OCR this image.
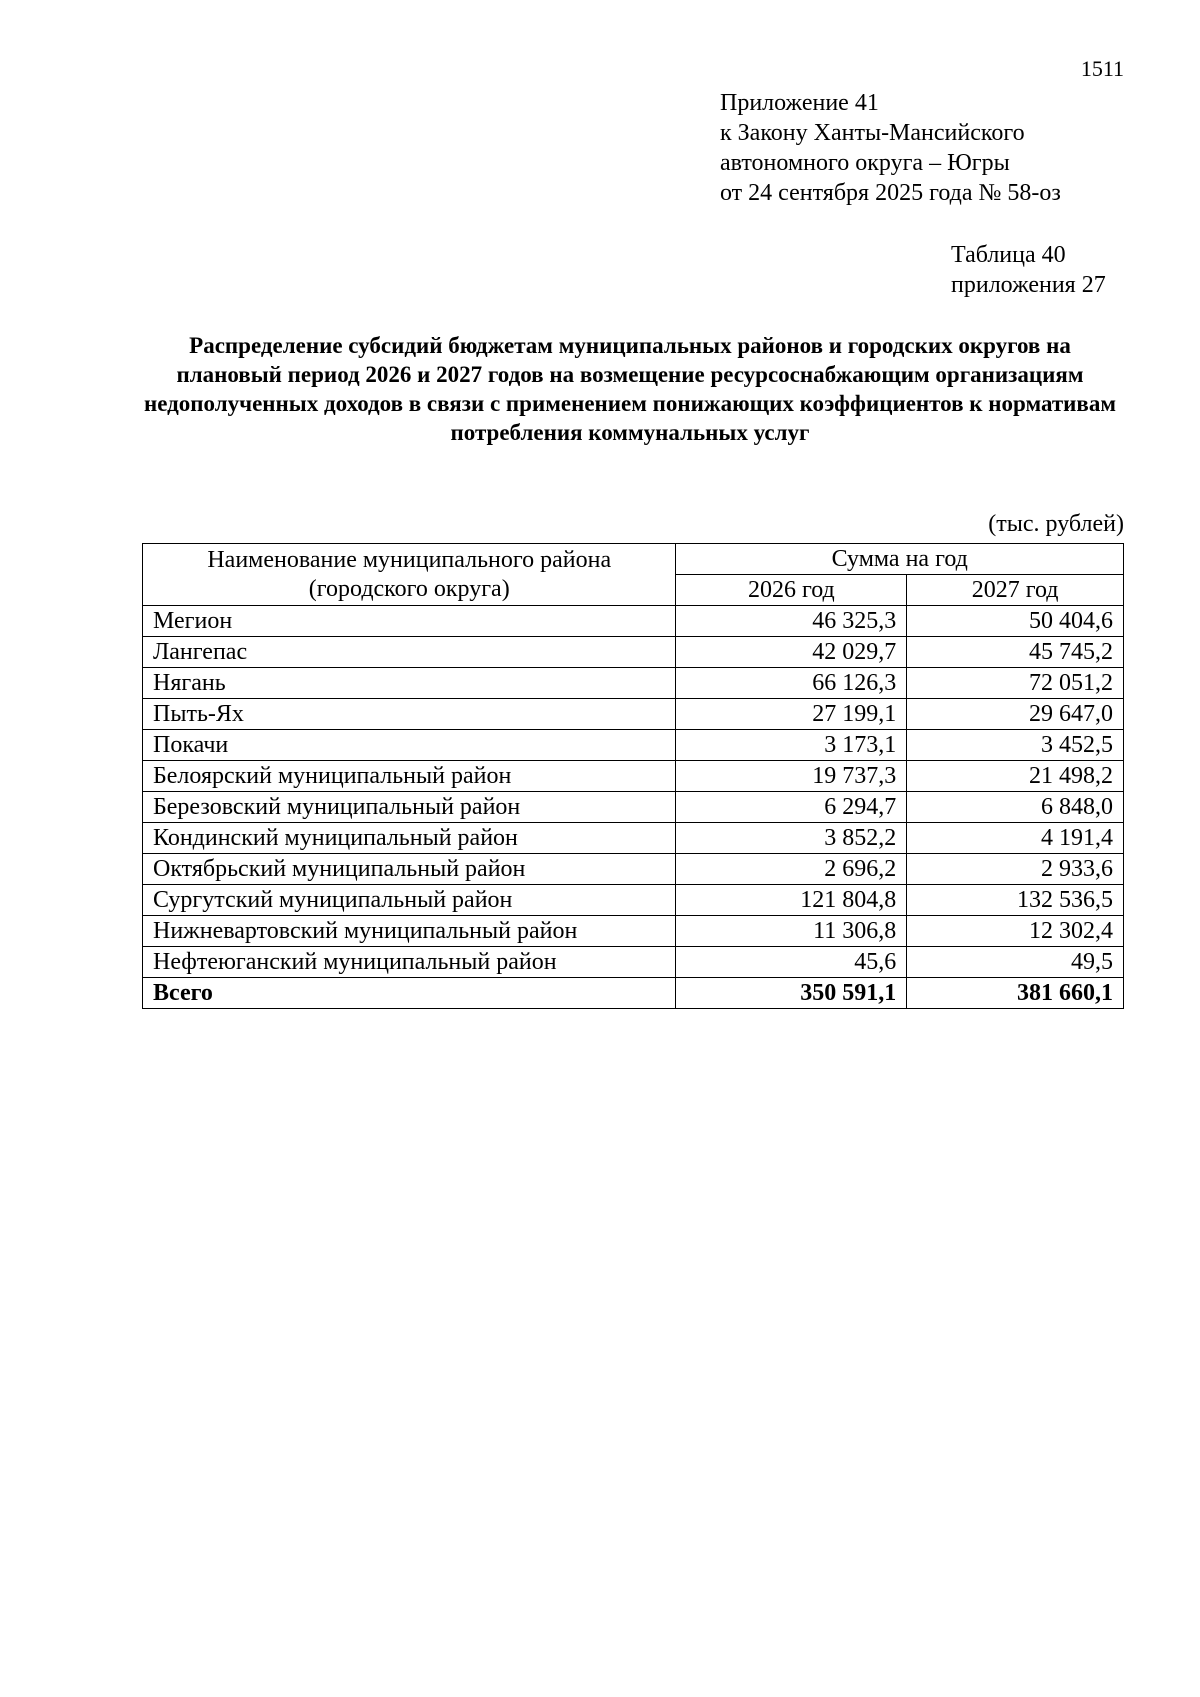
1511
Приложение 41
к Закону Ханты-Мансийского
автономного округа – Югры
от 24 сентября 2025 года № 58-оз
Таблица 40
приложения 27
Распределение субсидий бюджетам муниципальных районов и городских округов на плановый период 2026 и 2027 годов на возмещение ресурсоснабжающим организациям недополученных доходов в связи с применением понижающих коэффициентов к нормативам потребления коммунальных услуг
(тыс. рублей)
Наименование муниципального района (городского округа)	Сумма на год	
	2026 год	2027 год
Мегион	46 325,3	50 404,6
Лангепас	42 029,7	45 745,2
Нягань	66 126,3	72 051,2
Пыть-Ях	27 199,1	29 647,0
Покачи	3 173,1	3 452,5
Белоярский муниципальный район	19 737,3	21 498,2
Березовский муниципальный район	6 294,7	6 848,0
Кондинский муниципальный район	3 852,2	4 191,4
Октябрьский муниципальный район	2 696,2	2 933,6
Сургутский муниципальный район	121 804,8	132 536,5
Нижневартовский муниципальный район	11 306,8	12 302,4
Нефтеюганский муниципальный район	45,6	49,5
Всего	350 591,1	381 660,1
